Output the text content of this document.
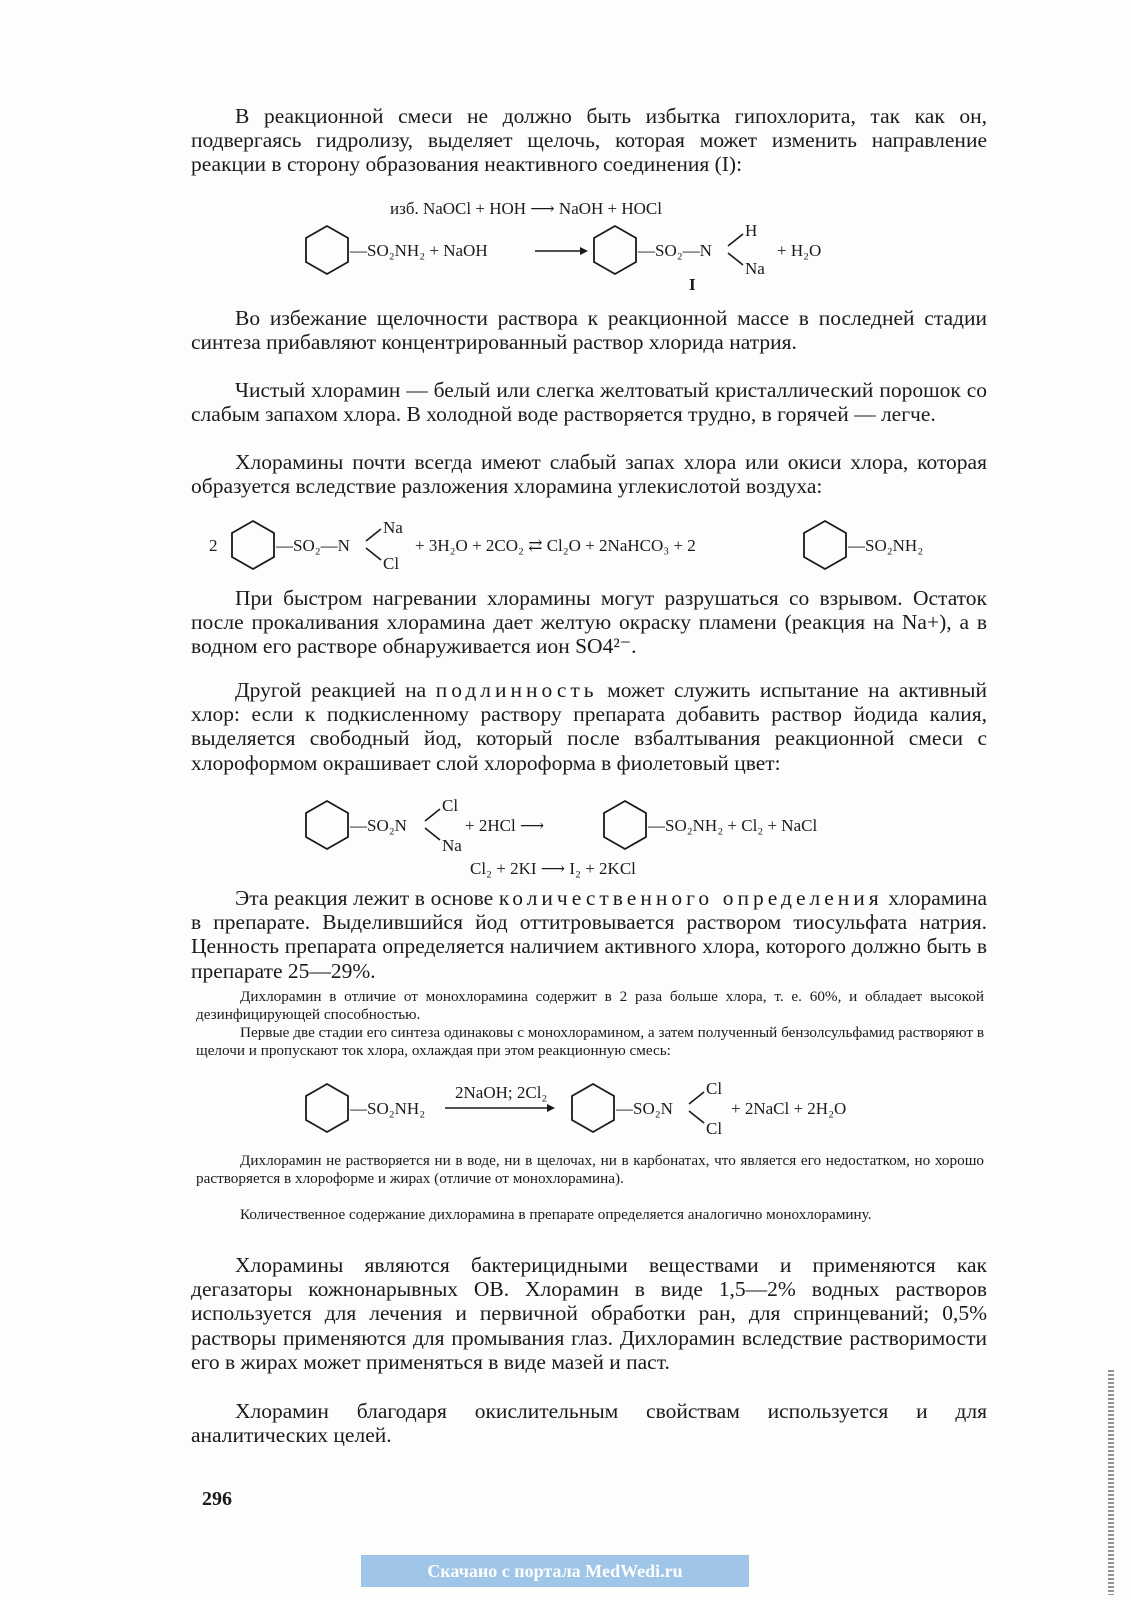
В реакционной смеси не должно быть избытка гипохлорита, так как он, подвергаясь гидролизу, выделяет щелочь, которая может изменить направление реакции в сторону образования неактивного соединения (I):

изб. NaOCl + HOH ⟶ NaOH + HOCl
—SO₂NH₂ + NaOH	—SO₂—N
H
Na
+ H₂O
I

Во избежание щелочности раствора к реакционной массе в последней стадии синтеза прибавляют концентрированный раствор хлорида натрия.

Чистый хлорамин — белый или слегка желтоватый кристаллический порошок со слабым запахом хлора. В холодной воде растворяется трудно, в горячей — легче.

Хлорамины почти всегда имеют слабый запах хлора или окиси хлора, которая образуется вследствие разложения хлорамина углекислотой воздуха:

2	—SO₂—N
Na
Cl
+ 3H₂O + 2CO₂ ⇄ Cl₂O + 2NaHCO₃ + 2	—SO₂NH₂

При быстром нагревании хлорамины могут разрушаться со взрывом. Остаток после прокаливания хлорамина дает желтую окраску пламени (реакция на Na+), а в водном его растворе обнаруживается ион SO4²⁻.

Другой реакцией на подлинность может служить испытание на активный хлор: если к подкисленному раствору препарата добавить раствор йодида калия, выделяется свободный йод, который после взбалтывания реакционной смеси с хлороформом окрашивает слой хлороформа в фиолетовый цвет:

—SO₂N
Cl
Na
+ 2HCl ⟶	—SO₂NH₂ + Cl₂ + NaCl
Cl₂ + 2KI ⟶ I₂ + 2KCl

Эта реакция лежит в основе количественного определения хлорамина в препарате. Выделившийся йод оттитровывается раствором тиосульфата натрия. Ценность препарата определяется наличием активного хлора, которого должно быть в препарате 25—29%.

Дихлорамин в отличие от монохлорамина содержит в 2 раза больше хлора, т. е. 60%, и обладает высокой дезинфицирующей способностью.

Первые две стадии его синтеза одинаковы с монохлорамином, а затем полученный бензолсульфамид растворяют в щелочи и пропускают ток хлора, охлаждая при этом реакционную смесь:

—SO₂NH₂
2NaOH; 2Cl₂
—SO₂N
Cl
Cl
+ 2NaCl + 2H₂O

Дихлорамин не растворяется ни в воде, ни в щелочах, ни в карбонатах, что является его недостатком, но хорошо растворяется в хлороформе и жирах (отличие от монохлорамина).

Количественное содержание дихлорамина в препарате определяется аналогично монохлорамину.

Хлорамины являются бактерицидными веществами и применяются как дегазаторы кожнонарывных ОВ. Хлорамин в виде 1,5—2% водных растворов используется для лечения и первичной обработки ран, для спринцеваний; 0,5% растворы применяются для промывания глаз. Дихлорамин вследствие растворимости его в жирах может применяться в виде мазей и паст.

Хлорамин благодаря окислительным свойствам используется и для аналитических целей.

296
Скачано с портала MedWedi.ru
